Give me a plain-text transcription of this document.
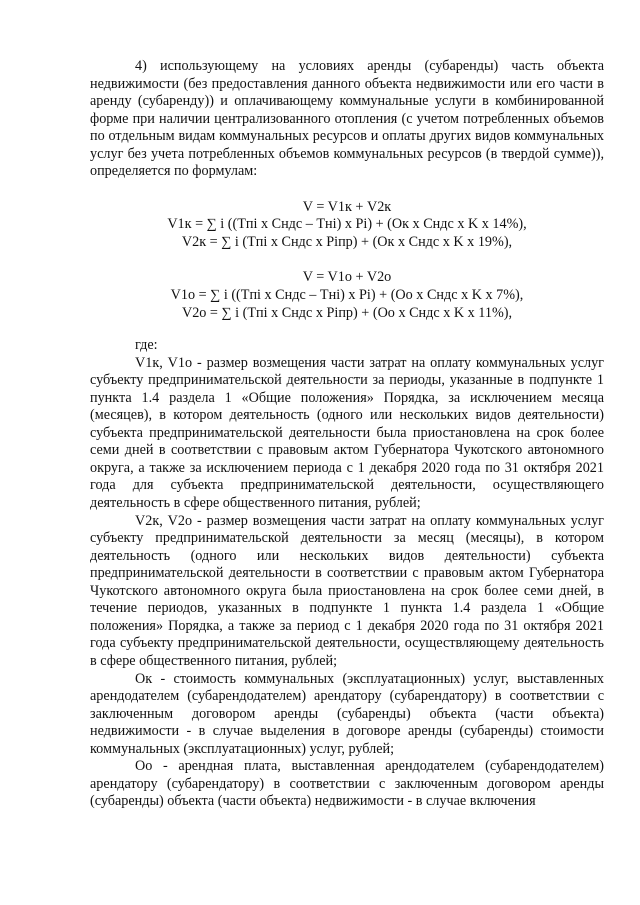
4) использующему на условиях аренды (субаренды) часть объекта недвижимости (без предоставления данного объекта недвижимости или его части в аренду (субаренду)) и оплачивающему коммунальные услуги в комбинированной форме при наличии централизованного отопления (с учетом потребленных объемов по отдельным видам коммунальных ресурсов и оплаты других видов коммунальных услуг без учета потребленных объемов коммунальных ресурсов (в твердой сумме)), определяется по формулам:

V = V1к + V2к
V1к = ∑ i ((Tпi x Cндс – Tнi) x Pi) + (Oк x Cндс x K x 14%),
V2к = ∑ i (Tпi x Cндс x Piпр) + (Oк x Cндс x K x 19%),
V = V1o + V2o
V1o = ∑ i ((Tпi x Cндс – Tнi) x Pi) + (Oo x Cндс x K x 7%),
V2o = ∑ i (Tпi x Cндс x Piпр) + (Oo x Cндс x K x 11%),

где:

V1к, V1o - размер возмещения части затрат на оплату коммунальных услуг субъекту предпринимательской деятельности за периоды, указанные в подпункте 1 пункта 1.4 раздела 1 «Общие положения» Порядка, за исключением месяца (месяцев), в котором деятельность (одного или нескольких видов деятельности) субъекта предпринимательской деятельности была приостановлена на срок более семи дней в соответствии с правовым актом Губернатора Чукотского автономного округа, а также за исключением периода с 1 декабря 2020 года по 31 октября 2021 года для субъекта предпринимательской деятельности, осуществляющего деятельность в сфере общественного питания, рублей;

V2к, V2o - размер возмещения части затрат на оплату коммунальных услуг субъекту предпринимательской деятельности за месяц (месяцы), в котором деятельность (одного или нескольких видов деятельности) субъекта предпринимательской деятельности в соответствии с правовым актом Губернатора Чукотского автономного округа была приостановлена на срок более семи дней, в течение периодов, указанных в подпункте 1 пункта 1.4 раздела 1 «Общие положения» Порядка, а также за период с 1 декабря 2020 года по 31 октября 2021 года субъекту предпринимательской деятельности, осуществляющему деятельность в сфере общественного питания, рублей;

Oк - стоимость коммунальных (эксплуатационных) услуг, выставленных арендодателем (субарендодателем) арендатору (субарендатору) в соответствии с заключенным договором аренды (субаренды) объекта (части объекта) недвижимости - в случае выделения в договоре аренды (субаренды) стоимости коммунальных (эксплуатационных) услуг, рублей;

Oo - арендная плата, выставленная арендодателем (субарендодателем) арендатору (субарендатору) в соответствии с заключенным договором аренды (субаренды) объекта (части объекта) недвижимости - в случае включения
